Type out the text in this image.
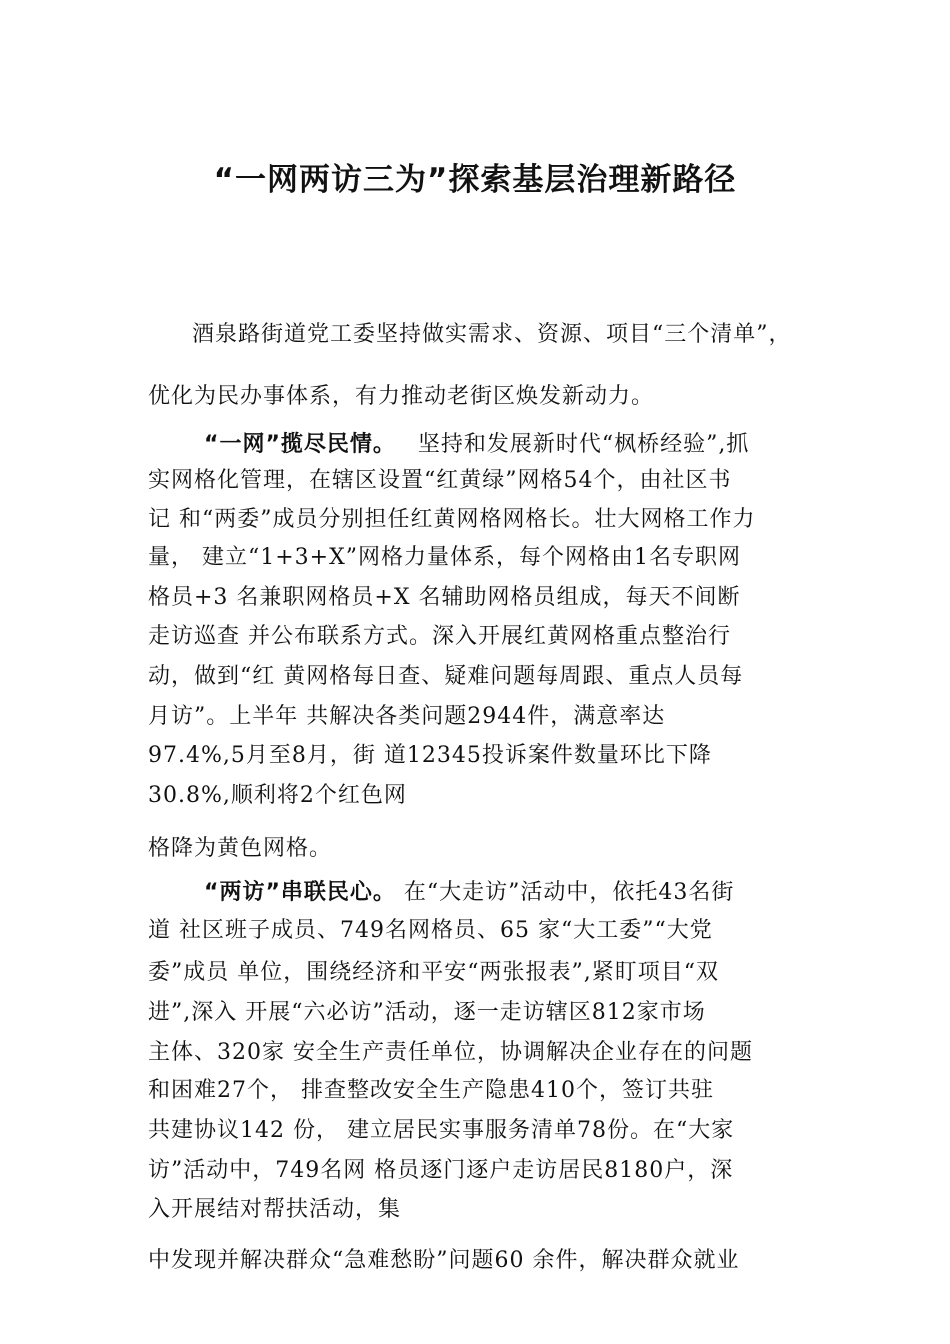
“一网两访三为”探索基层治理新路径
酒泉路街道党工委坚持做实需求、资源、项目“三个清单”，
优化为民办事体系，有力推动老街区焕发新动力。
“一网”揽尽民情。 坚持和发展新时代“枫桥经验”,抓
实网格化管理，在辖区设置“红黄绿”网格54个，由社区书
记 和“两委”成员分别担任红黄网格网格长。壮大网格工作力
量， 建立“1+3+X”网格力量体系，每个网格由1名专职网
格员+3 名兼职网格员+X 名辅助网格员组成，每天不间断
走访巡查 并公布联系方式。深入开展红黄网格重点整治行
动，做到“红 黄网格每日查、疑难问题每周跟、重点人员每
月访”。上半年 共解决各类问题2944件，满意率达
97.4%,5月至8月，街 道12345投诉案件数量环比下降
30.8%,顺利将2个红色网
格降为黄色网格。
“两访”串联民心。 在“大走访”活动中，依托43名街
道 社区班子成员、749名网格员、65 家“大工委”“大党
委”成员 单位，围绕经济和平安“两张报表”,紧盯项目“双
进”,深入 开展“六必访”活动，逐一走访辖区812家市场
主体、320家 安全生产责任单位，协调解决企业存在的问题
和困难27个， 排查整改安全生产隐患410个，签订共驻
共建协议142 份， 建立居民实事服务清单78份。在“大家
访”活动中，749名网 格员逐门逐户走访居民8180户，深
入开展结对帮扶活动，集
中发现并解决群众“急难愁盼”问题60 余件，解决群众就业
